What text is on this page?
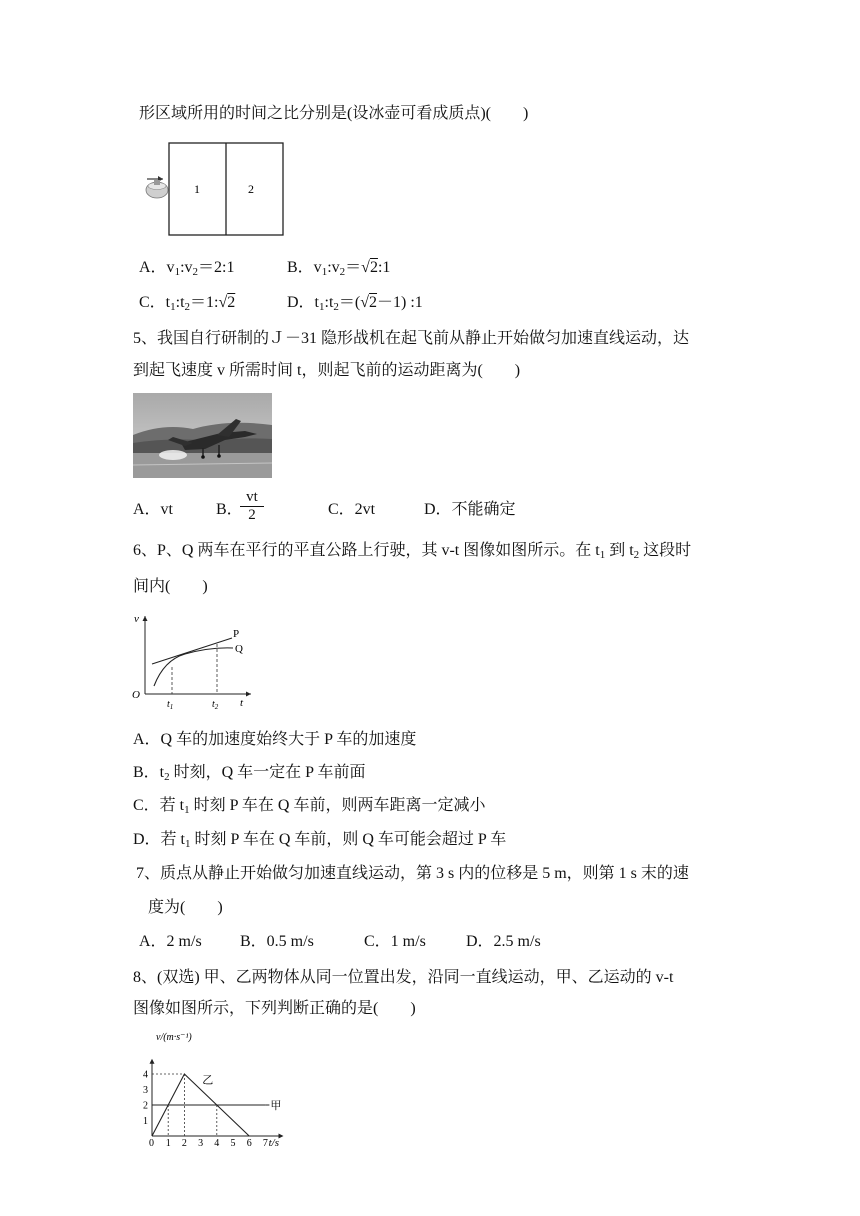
形区域所用的时间之比分别是(设冰壶可看成质点)(　　)
1	2
A．$v_1:v_2=2:1$	B．$v_1:v_2=√2:1$
C．$t_1:t_2=1:√2$	D．$t_1:t_2=(√2-1)$ :1
5、我国自行研制的Ｊ－31 隐形战机在起飞前从静止开始做匀加速直线运动，达
到起飞速度 v 所需时间 t，则起飞前的运动距离为(　　)
A．vt	B．
$\frac{vt}{2}$	C．2vt	D．不能确定
6、P、Q 两车在平行的平直公路上行驶，其 v-t 图像如图所示。在 $t_1$ 到 $t_2$ 这段时
间内(　　)
v
t
O
$t_1$	$t_2$
P
Q
A．Q 车的加速度始终大于 P 车的加速度
B．$t_2$ 时刻，Q 车一定在 P 车前面
C．若 $t_1$ 时刻 P 车在 Q 车前，则两车距离一定减小
D．若 $t_1$ 时刻 P 车在 Q 车前，则 Q 车可能会超过 P 车
7、质点从静止开始做匀加速直线运动，第 3 s 内的位移是 5 m，则第 1 s 末的速
度为(　　)
A．2 m/s B．0.5 m/s	C．1 m/s	D．2.5 m/s
8、(双选) 甲、乙两物体从同一位置出发，沿同一直线运动，甲、乙运动的 v-t
图像如图所示，下列判断正确的是(　　)
v/(m·s⁻¹)
t/s
0 1 2 3 4 5 6 7
1
2
3
4
甲
乙
